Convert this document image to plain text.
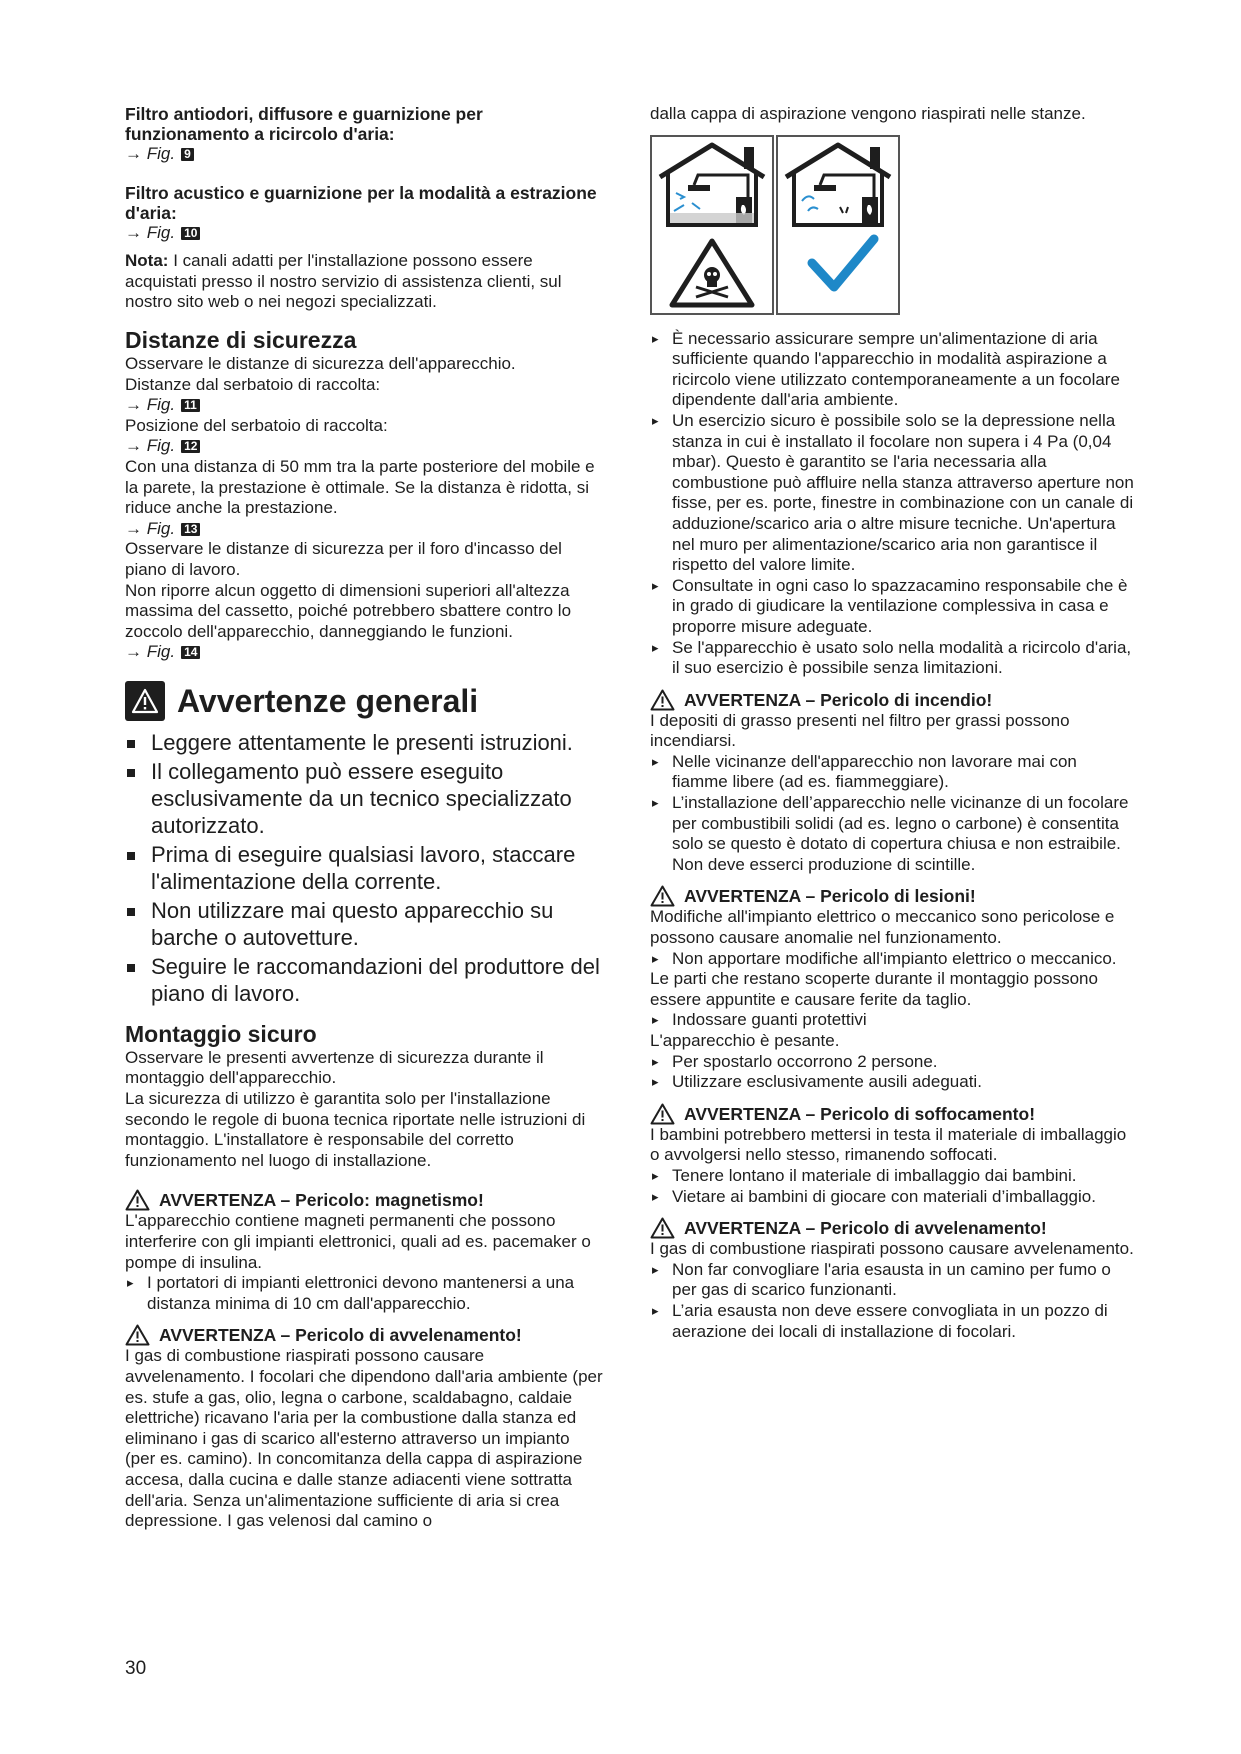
Filtro antiodori, diffusore e guarnizione per funzionamento a ricircolo d'aria:

→ Fig. 9

Filtro acustico e guarnizione per la modalità a estrazione d'aria:

→ Fig. 10

Nota: I canali adatti per l'installazione possono essere acquistati presso il nostro servizio di assistenza clienti, sul nostro sito web o nei negozi specializzati.

Distanze di sicurezza

Osservare le distanze di sicurezza dell'apparecchio.

Distanze dal serbatoio di raccolta:

→ Fig. 11

Posizione del serbatoio di raccolta:

→ Fig. 12

Con una distanza di 50 mm tra la parte posteriore del mobile e la parete, la prestazione è ottimale. Se la distanza è ridotta, si riduce anche la prestazione.

→ Fig. 13

Osservare le distanze di sicurezza per il foro d'incasso del piano di lavoro.

Non riporre alcun oggetto di dimensioni superiori all'altezza massima del cassetto, poiché potrebbero sbattere contro lo zoccolo dell'apparecchio, danneggiando le funzioni.

→ Fig. 14

Avvertenze generali
Leggere attentamente le presenti istruzioni.
Il collegamento può essere eseguito esclusivamente da un tecnico specializzato autorizzato.
Prima di eseguire qualsiasi lavoro, staccare l'alimentazione della corrente.
Non utilizzare mai questo apparecchio su barche o autovetture.
Seguire le raccomandazioni del produttore del piano di lavoro.

Montaggio sicuro

Osservare le presenti avvertenze di sicurezza durante il montaggio dell'apparecchio.

La sicurezza di utilizzo è garantita solo per l'installazione secondo le regole di buona tecnica riportate nelle istruzioni di montaggio. L'installatore è responsabile del corretto funzionamento nel luogo di installazione.

AVVERTENZA – Pericolo: magnetismo!

L'apparecchio contiene magneti permanenti che possono interferire con gli impianti elettronici, quali ad es. pacemaker o pompe di insulina.

▸ I portatori di impianti elettronici devono mantenersi a una distanza minima di 10 cm dall'apparecchio.
AVVERTENZA – Pericolo di avvelenamento!

I gas di combustione riaspirati possono causare avvelenamento. I focolari che dipendono dall'aria ambiente (per es. stufe a gas, olio, legna o carbone, scaldabagno, caldaie elettriche) ricavano l'aria per la combustione dalla stanza ed eliminano i gas di scarico all'esterno attraverso un impianto (per es. camino). In concomitanza della cappa di aspirazione accesa, dalla cucina e dalle stanze adiacenti viene sottratta dell'aria. Senza un'alimentazione sufficiente di aria si crea depressione. I gas velenosi dal camino o

dalla cappa di aspirazione vengono riaspirati nelle stanze.

▸ È necessario assicurare sempre un'alimentazione di aria sufficiente quando l'apparecchio in modalità aspirazione a ricircolo viene utilizzato contemporaneamente a un focolare dipendente dall'aria ambiente.
▸ Un esercizio sicuro è possibile solo se la depressione nella stanza in cui è installato il focolare non supera i 4 Pa (0,04 mbar). Questo è garantito se l'aria necessaria alla combustione può affluire nella stanza attraverso aperture non fisse, per es. porte, finestre in combinazione con un canale di adduzione/scarico aria o altre misure tecniche. Un'apertura nel muro per alimentazione/scarico aria non garantisce il rispetto del valore limite.
▸ Consultate in ogni caso lo spazzacamino responsabile che è in grado di giudicare la ventilazione complessiva in casa e proporre misure adeguate.
▸ Se l'apparecchio è usato solo nella modalità a ricircolo d'aria, il suo esercizio è possibile senza limitazioni.
AVVERTENZA – Pericolo di incendio!

I depositi di grasso presenti nel filtro per grassi possono incendiarsi.

▸ Nelle vicinanze dell'apparecchio non lavorare mai con fiamme libere (ad es. fiammeggiare).
▸ L’installazione dell’apparecchio nelle vicinanze di un focolare per combustibili solidi (ad es. legno o carbone) è consentita solo se questo è dotato di copertura chiusa e non estraibile. Non deve esserci produzione di scintille.
AVVERTENZA – Pericolo di lesioni!

Modifiche all'impianto elettrico o meccanico sono pericolose e possono causare anomalie nel funzionamento.

▸ Non apportare modifiche all'impianto elettrico o meccanico.

Le parti che restano scoperte durante il montaggio possono essere appuntite e causare ferite da taglio.

▸ Indossare guanti protettivi

L'apparecchio è pesante.

▸ Per spostarlo occorrono 2 persone.
▸ Utilizzare esclusivamente ausili adeguati.
AVVERTENZA – Pericolo di soffocamento!

I bambini potrebbero mettersi in testa il materiale di imballaggio o avvolgersi nello stesso, rimanendo soffocati.

▸ Tenere lontano il materiale di imballaggio dai bambini.
▸ Vietare ai bambini di giocare con materiali d’imballaggio.
AVVERTENZA – Pericolo di avvelenamento!

I gas di combustione riaspirati possono causare avvelenamento.

▸ Non far convogliare l'aria esausta in un camino per fumo o per gas di scarico funzionanti.
▸ L’aria esausta non deve essere convogliata in un pozzo di aerazione dei locali di installazione di focolari.
30
